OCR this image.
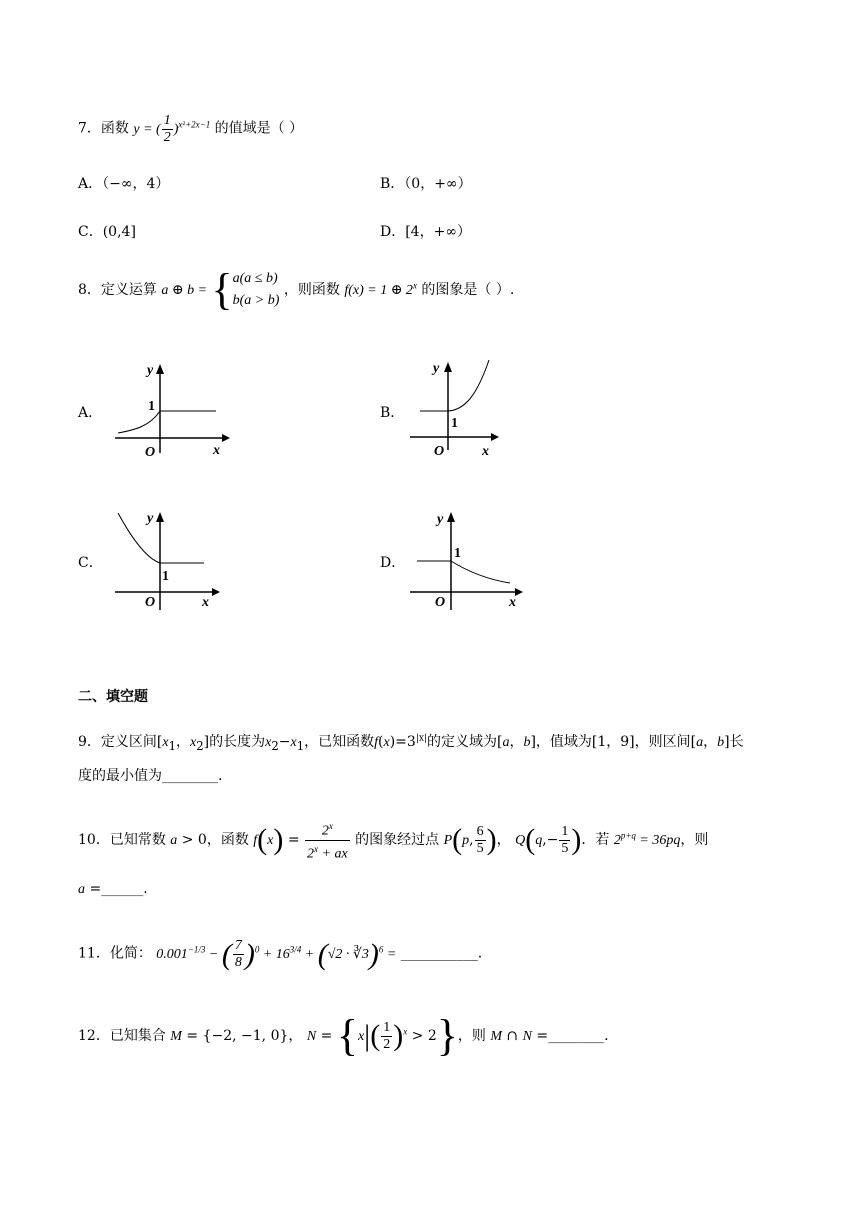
7．函数 y = ( $\frac{1}{2} )^{x^2+2x-1}$ 的值域是（ ）
A．（−∞，4）	B．（0，+∞）
C．(0,4]	D．[4，+∞）
8．定义运算 a ⊕ b = { a(a ≤ b)
b(a > b)
，则函数 f(x) = 1 ⊕ 2$^x$ 的图象是（ ）.
A．	B．
C．	D．
y
1
O	x
y
1
O	x
y
1
O	x
y
1
O	x
二、填空题
9．定义区间[$x_1$，$x_2$]的长度为$x_2-x_1$，已知函数$f(x)=3^{|x|}$的定义域为[a，b]，值域为[1，9]，则区间[a，b]长
度的最小值为________.
10．已知常数 a > 0，函数 $f(x) = \frac{2^x}{2^x + ax}$ 的图象经过点 P(p, $\frac{6}{5}$ )， $Q(q,- \frac{1}{5}$ )．若 $2^{p+q} = 36pq$，则
a =______.
11．化简： $0.001^{-1/3}$ − ( $\frac{7}{8} )^0 + 16^{3/4} + (√2$ · ∛3)$^6$ = ___________.
12．已知集合 M = {−2, −1, 0}， $N = \{x|( \frac{1}{2} )^x > 2\}$，则 M ∩ N =________.
